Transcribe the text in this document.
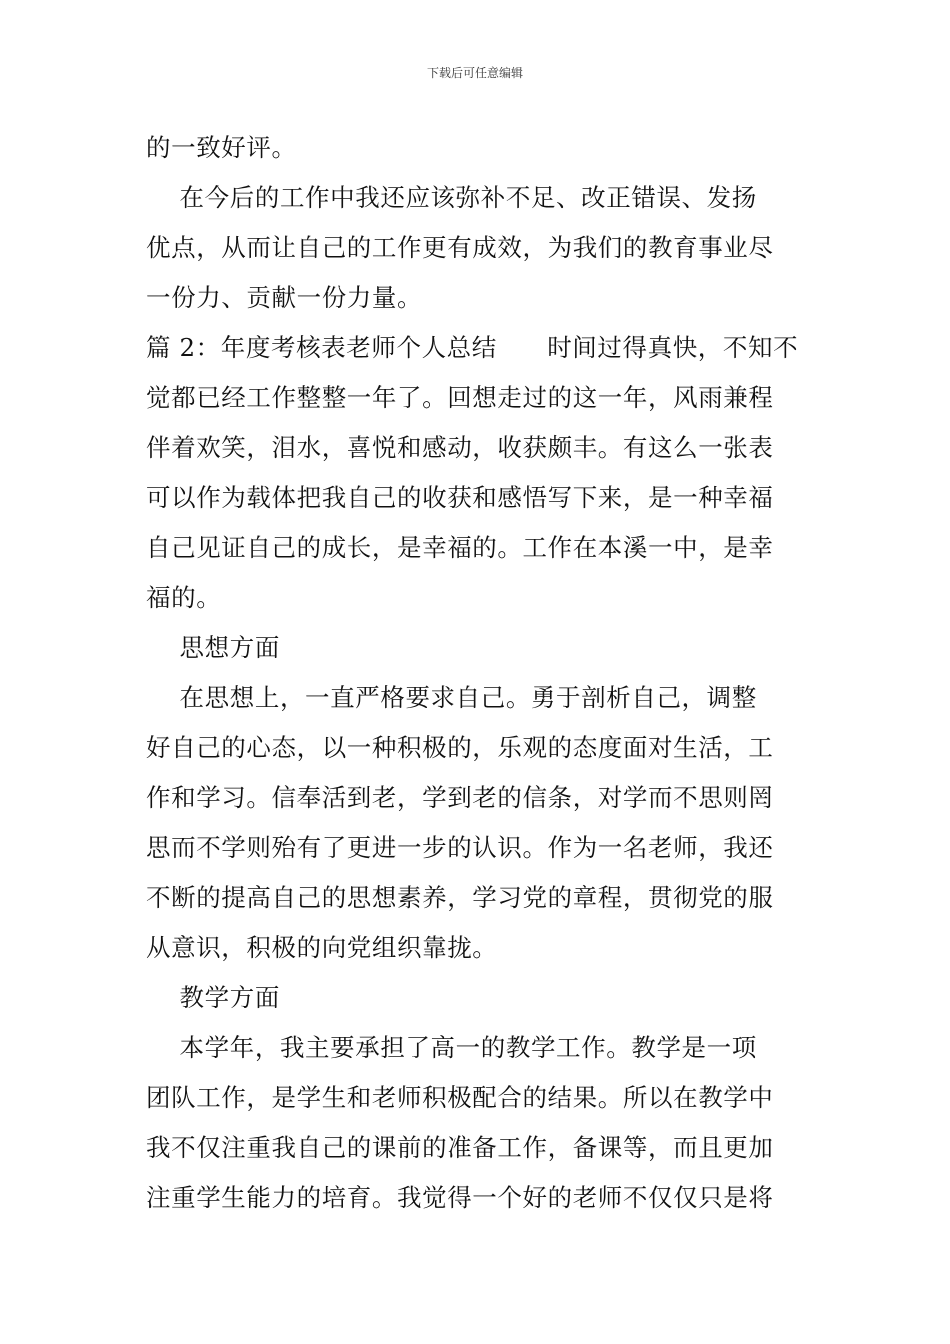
下载后可任意编辑

的一致好评。

在今后的工作中我还应该弥补不足、改正错误、发扬

优点，从而让自己的工作更有成效，为我们的教育事业尽

一份力、贡献一份力量。

篇 2：年度考核表老师个人总结      时间过得真快，不知不

觉都已经工作整整一年了。回想走过的这一年，风雨兼程

伴着欢笑，泪水，喜悦和感动，收获颇丰。有这么一张表

可以作为载体把我自己的收获和感悟写下来，是一种幸福

自己见证自己的成长，是幸福的。工作在本溪一中，是幸

福的。

思想方面

在思想上，一直严格要求自己。勇于剖析自己，调整

好自己的心态，以一种积极的，乐观的态度面对生活，工

作和学习。信奉活到老，学到老的信条，对学而不思则罔

思而不学则殆有了更进一步的认识。作为一名老师，我还

不断的提高自己的思想素养，学习党的章程，贯彻党的服

从意识，积极的向党组织靠拢。

教学方面

本学年，我主要承担了高一的教学工作。教学是一项

团队工作，是学生和老师积极配合的结果。所以在教学中

我不仅注重我自己的课前的准备工作，备课等，而且更加

注重学生能力的培育。我觉得一个好的老师不仅仅只是将
